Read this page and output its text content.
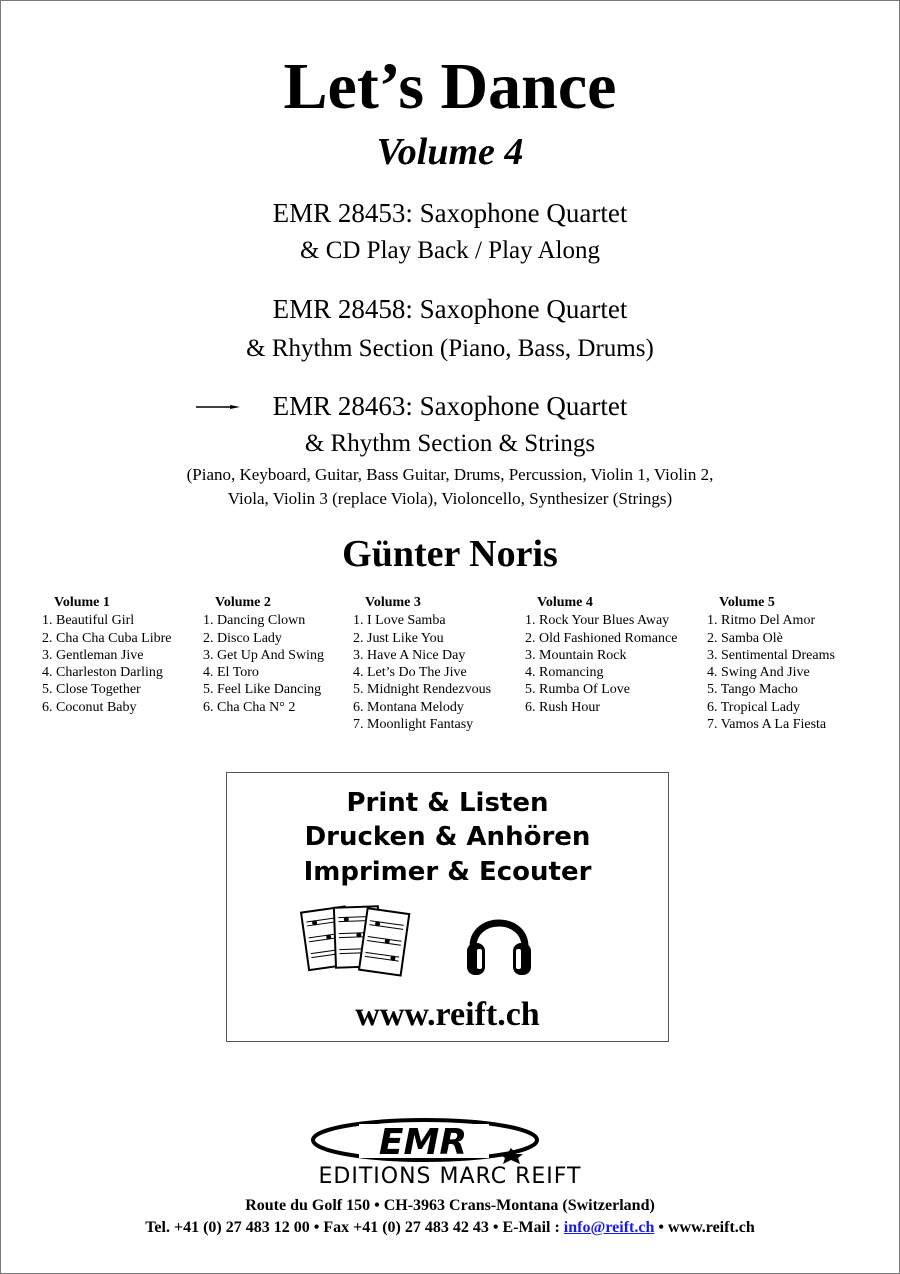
Let’s Dance
Volume 4
EMR 28453: Saxophone Quartet
& CD Play Back / Play Along
EMR 28458: Saxophone Quartet
& Rhythm Section (Piano, Bass, Drums)
EMR 28463: Saxophone Quartet
& Rhythm Section & Strings
(Piano, Keyboard, Guitar, Bass Guitar, Drums, Percussion, Violin 1, Violin 2,
Viola, Violin 3 (replace Viola), Violoncello, Synthesizer (Strings)
Günter Noris
Volume 1
1. Beautiful Girl
2. Cha Cha Cuba Libre
3. Gentleman Jive
4. Charleston Darling
5. Close Together
6. Coconut Baby
Volume 2
1. Dancing Clown
2. Disco Lady
3. Get Up And Swing
4. El Toro
5. Feel Like Dancing
6. Cha Cha N° 2
Volume 3
1. I Love Samba
2. Just Like You
3. Have A Nice Day
4. Let’s Do The Jive
5. Midnight Rendezvous
6. Montana Melody
7. Moonlight Fantasy
Volume 4
1. Rock Your Blues Away
2. Old Fashioned Romance
3. Mountain Rock
4. Romancing
5. Rumba Of Love
6. Rush Hour
Volume 5
1. Ritmo Del Amor
2. Samba Olè
3. Sentimental Dreams
4. Swing And Jive
5. Tango Macho
6. Tropical Lady
7. Vamos A La Fiesta
Print & Listen
Drucken & Anhören
Imprimer & Ecouter
www.reift.ch
EMR
EDITIONS MARC REIFT
Route du Golf 150 • CH-3963 Crans-Montana (Switzerland)
Tel. +41 (0) 27 483 12 00 • Fax +41 (0) 27 483 42 43 • E-Mail : info@reift.ch • www.reift.ch
